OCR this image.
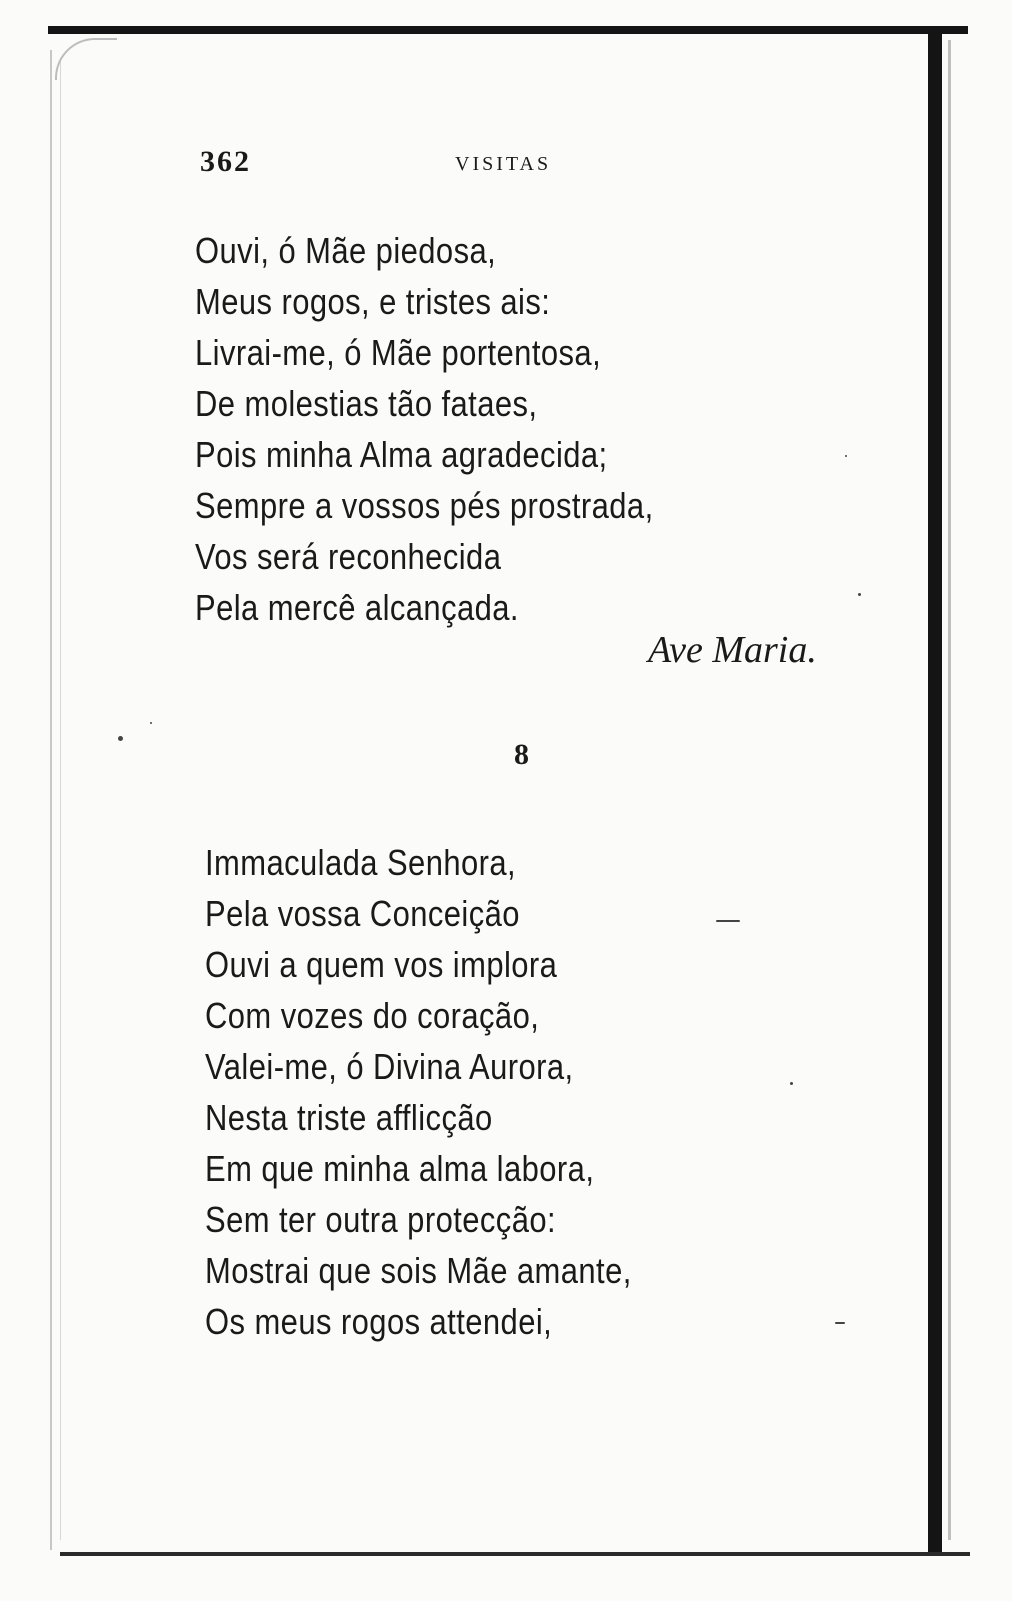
362	VISITAS
Ouvi, ó Mãe piedosa,
Meus rogos, e tristes ais:
Livrai-me, ó Mãe portentosa,
De molestias tão fataes,
Pois minha Alma agradecida;
Sempre a vossos pés prostrada,
Vos será reconhecida
Pela mercê alcançada.
Ave Maria.
8
Immaculada Senhora,
Pela vossa Conceição
Ouvi a quem vos implora
Com vozes do coração,
Valei-me, ó Divina Aurora,
Nesta triste afflicção
Em que minha alma labora,
Sem ter outra protecção:
Mostrai que sois Mãe amante,
Os meus rogos attendei,
